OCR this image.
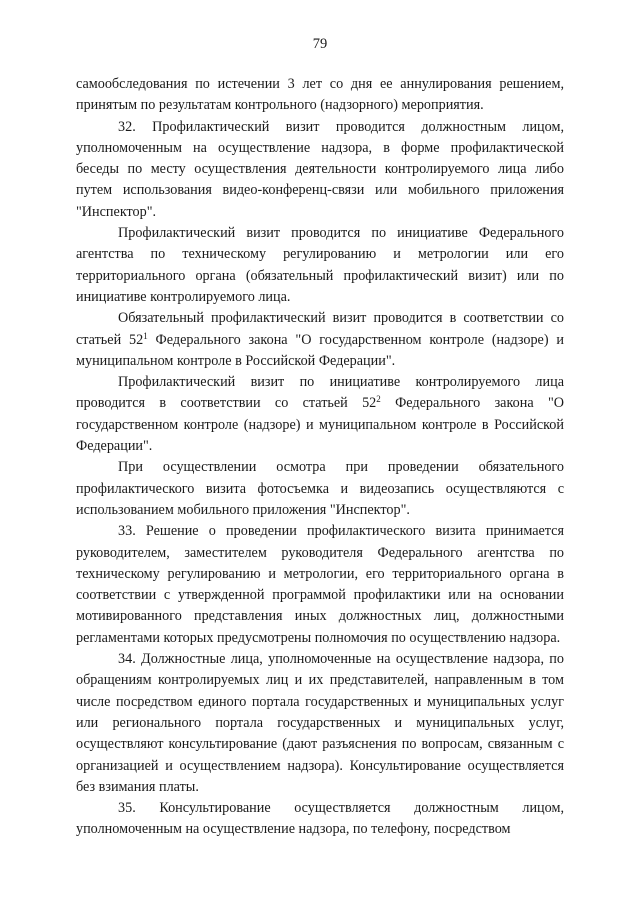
79

самообследования по истечении 3 лет со дня ее аннулирования решением, принятым по результатам контрольного (надзорного) мероприятия.

32. Профилактический визит проводится должностным лицом, уполномоченным на осуществление надзора, в форме профилактической беседы по месту осуществления деятельности контролируемого лица либо путем использования видео-конференц-связи или мобильного приложения "Инспектор".

Профилактический визит проводится по инициативе Федерального агентства по техническому регулированию и метрологии или его территориального органа (обязательный профилактический визит) или по инициативе контролируемого лица.

Обязательный профилактический визит проводится в соответствии со статьей $52^1$ Федерального закона "О государственном контроле (надзоре) и муниципальном контроле в Российской Федерации".

Профилактический визит по инициативе контролируемого лица проводится в соответствии со статьей $52^2$ Федерального закона "О государственном контроле (надзоре) и муниципальном контроле в Российской Федерации".

При осуществлении осмотра при проведении обязательного профилактического визита фотосъемка и видеозапись осуществляются с использованием мобильного приложения "Инспектор".

33. Решение о проведении профилактического визита принимается руководителем, заместителем руководителя Федерального агентства по техническому регулированию и метрологии, его территориального органа в соответствии с утвержденной программой профилактики или на основании мотивированного представления иных должностных лиц, должностными регламентами которых предусмотрены полномочия по осуществлению надзора.

34. Должностные лица, уполномоченные на осуществление надзора, по обращениям контролируемых лиц и их представителей, направленным в том числе посредством единого портала государственных и муниципальных услуг или регионального портала государственных и муниципальных услуг, осуществляют консультирование (дают разъяснения по вопросам, связанным с организацией и осуществлением надзора). Консультирование осуществляется без взимания платы.

35. Консультирование осуществляется должностным лицом, уполномоченным на осуществление надзора, по телефону, посредством
